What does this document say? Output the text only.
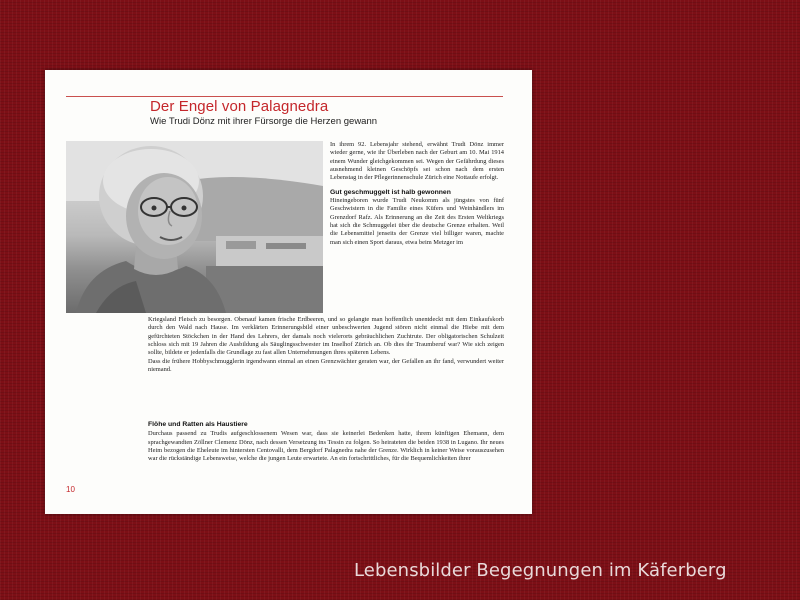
Der Engel von Palagnedra
Wie Trudi Dönz mit ihrer Fürsorge die Herzen gewann

In ihrem 92. Lebensjahr stehend, erwähnt Trudi Dönz immer wieder gerne, wie ihr Überleben nach der Geburt am 10. Mai 1914 einem Wunder gleichgekommen sei. Wegen der Gefährdung dieses ausnehmend kleinen Geschöpfs sei schon nach dem ersten Lebenstag in der Pflegerinnenschule Zürich eine Nottaufe erfolgt.

Gut geschmuggelt ist halb gewonnen

Hineingeboren wurde Trudi Neukomm als jüngstes von fünf Geschwistern in die Familie eines Küfers und Weinhändlers im Grenzdorf Rafz. Als Erinnerung an die Zeit des Ersten Weltkriegs hat sich die Schmuggelei über die deutsche Grenze erhalten. Weil die Lebensmittel jenseits der Grenze viel billiger waren, machte man sich einen Sport daraus, etwa beim Metzger im

Kriegsland Fleisch zu besorgen. Obenauf kamen frische Erdbeeren, und so gelangte man hoffentlich unentdeckt mit dem Einkaufskorb durch den Wald nach Hause. Im verklärten Erinnerungsbild einer unbeschwerten Jugend stören nicht einmal die Hiebe mit dem gefürchteten Stöckchen in der Hand des Lehrers, der damals noch vielerorts gebräuchlichen Zuchtrute. Der obligatorischen Schulzeit schloss sich mit 19 Jahren die Ausbildung als Säuglingsschwester im Inselhof Zürich an. Ob dies ihr Traumberuf war? Wie sich zeigen sollte, bildete er jedenfalls die Grundlage zu fast allen Unternehmungen ihres späteren Lebens.

Dass die frühere Hobbyschmugglerin irgendwann einmal an einen Grenzwächter geraten war, der Gefallen an ihr fand, verwundert weiter niemand.

Flöhe und Ratten als Haustiere

Durchaus passend zu Trudis aufgeschlossenem Wesen war, dass sie keinerlei Bedenken hatte, ihrem künftigen Ehemann, dem sprachgewandten Zöllner Clemenz Dönz, nach dessen Versetzung ins Tessin zu folgen. So heirateten die beiden 1938 in Lugano. Ihr neues Heim bezogen die Eheleute im hintersten Centovalli, dem Bergdorf Palagnedra nahe der Grenze. Wirklich in keiner Weise vorauszusehen war die rückständige Lebensweise, welche die jungen Leute erwartete. An ein fortschrittliches, für die Bequemlichkeiten ihrer

10
Lebensbilder Begegnungen im Käferberg
